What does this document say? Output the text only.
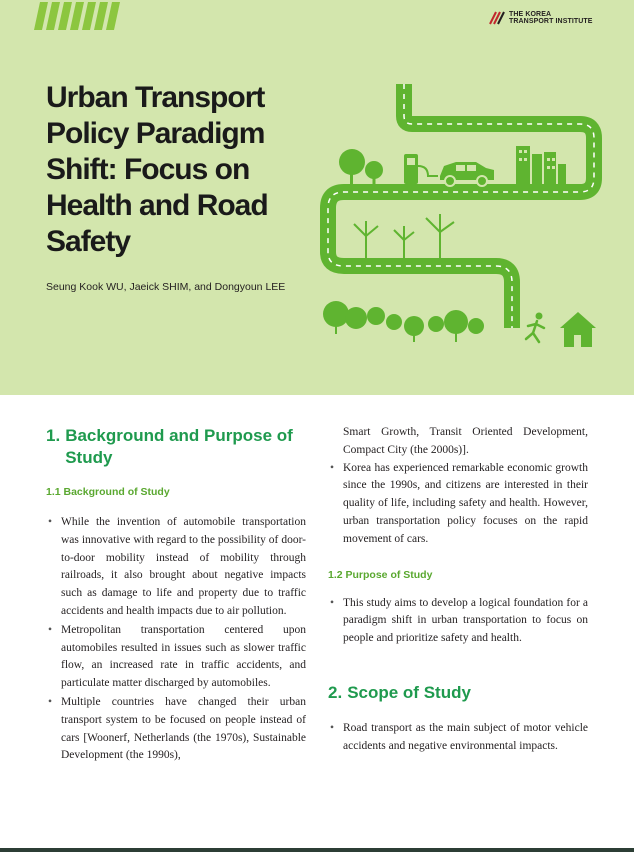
THE KOREA
TRANSPORT INSTITUTE
Urban Transport Policy Paradigm Shift: Focus on Health and Road Safety

Seung Kook WU, Jaeick SHIM, and Dongyoun LEE

1. Background and Purpose of Study
1.1 Background of Study
• While the invention of automobile transportation was innovative with regard to the possibility of door-to-door mobility instead of mobility through railroads, it also brought about negative impacts such as damage to life and property due to traffic accidents and health impacts due to air pollution.
• Metropolitan transportation centered upon automobiles resulted in issues such as slower traffic flow, an increased rate in traffic accidents, and particulate matter discharged by automobiles.
• Multiple countries have changed their urban transport system to be focused on people instead of cars [Woonerf, Netherlands (the 1970s), Sustainable Development (the 1990s),
Smart Growth, Transit Oriented Development, Compact City (the 2000s)].
• Korea has experienced remarkable economic growth since the 1990s, and citizens are interested in their quality of life, including safety and health. However, urban transportation policy focuses on the rapid movement of cars.
1.2 Purpose of Study
• This study aims to develop a logical foundation for a paradigm shift in urban transportation to focus on people and prioritize safety and health.
2. Scope of Study
• Road transport as the main subject of motor vehicle accidents and negative environmental impacts.
